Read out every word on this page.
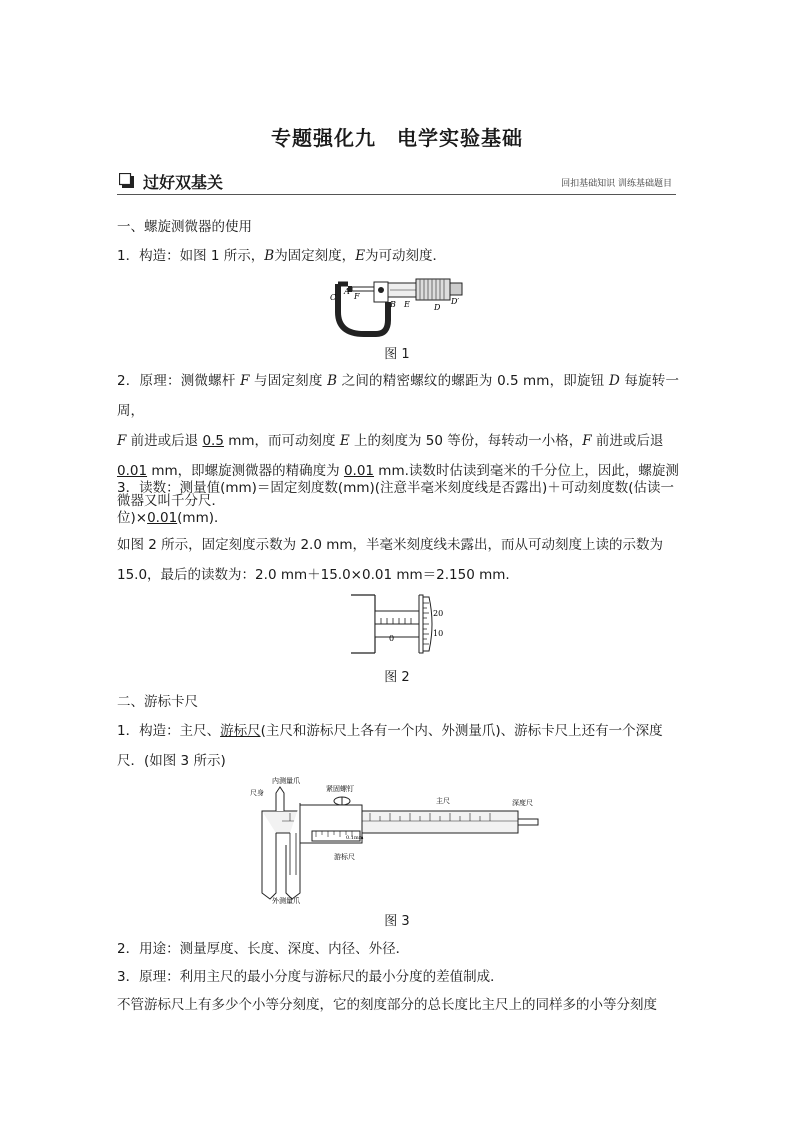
专题强化九　电学实验基础
过好双基关	回扣基础知识 训练基础题目
一、螺旋测微器的使用
1．构造：如图 1 所示，B为固定刻度，E为可动刻度．
A
F
C
B E	D
D′
图 1
2．原理：测微螺杆 F 与固定刻度 B 之间的精密螺纹的螺距为 0.5 mm，即旋钮 D 每旋转一周，
F 前进或后退 0.5 mm，而可动刻度 E 上的刻度为 50 等份，每转动一小格，F 前进或后退
0.01 mm，即螺旋测微器的精确度为 0.01 mm.读数时估读到毫米的千分位上，因此，螺旋测
微器又叫千分尺．
3．读数：测量值(mm)＝固定刻度数(mm)(注意半毫米刻度线是否露出)＋可动刻度数(估读一
位)×0.01(mm)．
如图 2 所示，固定刻度示数为 2.0 mm，半毫米刻度线未露出，而从可动刻度上读的示数为
15.0，最后的读数为：2.0 mm＋15.0×0.01 mm＝2.150 mm.
0
20
10
图 2
二、游标卡尺
1．构造：主尺、游标尺(主尺和游标尺上各有一个内、外测量爪)、游标卡尺上还有一个深度
尺．(如图 3 所示)
内测量爪
尺身	紧固螺钉
主尺	深度尺
游标尺
外测量爪
0.1mm
图 3
2．用途：测量厚度、长度、深度、内径、外径．
3．原理：利用主尺的最小分度与游标尺的最小分度的差值制成．
不管游标尺上有多少个小等分刻度，它的刻度部分的总长度比主尺上的同样多的小等分刻度
